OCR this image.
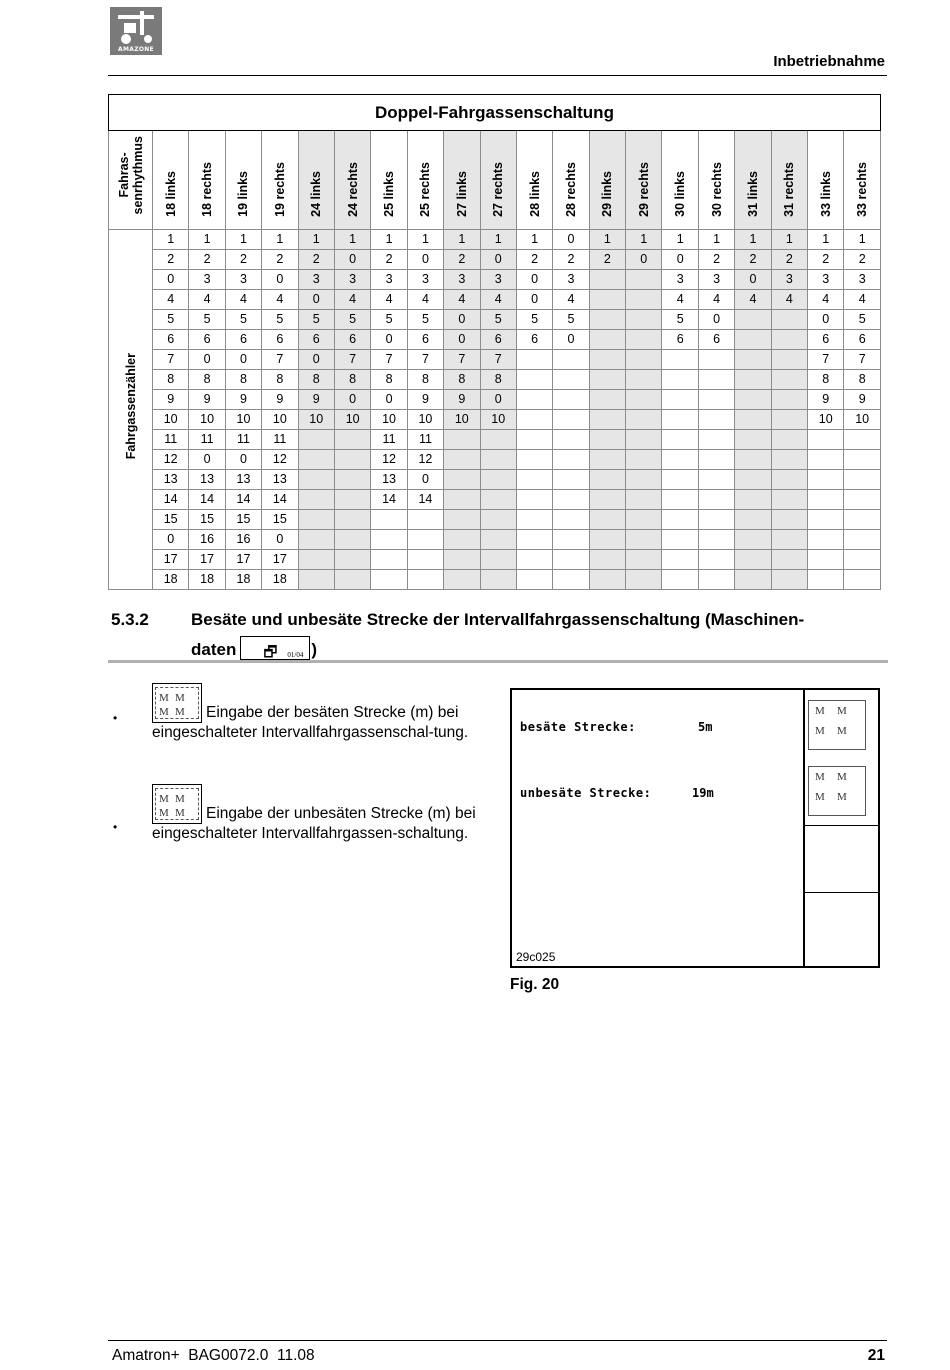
AMAZONE
Inbetriebnahme
Doppel-Fahrgassenschaltung																				
Fahras-
senrhythmus	18 links	18 rechts	19 links	19 rechts	24 links	24 rechts	25 links	25 rechts	27 links	27 rechts	28 links	28 rechts	29 links	29 rechts	30 links	30 rechts	31 links	31 rechts	33 links	33 rechts
Fahrgassenzähler	1	1	1	1	1	1	1	1	1	1	1	0	1	1	1	1	1	1	1	1
	2	2	2	2	2	0	2	0	2	0	2	2	2	0	0	2	2	2	2	2
	0	3	3	0	3	3	3	3	3	3	0	3			3	3	0	3	3	3
	4	4	4	4	0	4	4	4	4	4	0	4			4	4	4	4	4	4
	5	5	5	5	5	5	5	5	0	5	5	5			5	0			0	5
	6	6	6	6	6	6	0	6	0	6	6	0			6	6			6	6
	7	0	0	7	0	7	7	7	7	7									7	7
	8	8	8	8	8	8	8	8	8	8									8	8
	9	9	9	9	9	0	0	9	9	0									9	9
	10	10	10	10	10	10	10	10	10	10									10	10
	11	11	11	11			11	11												
	12	0	0	12			12	12												
	13	13	13	13			13	0												
	14	14	14	14			14	14												
	15	15	15	15																
	0	16	16	0																
	17	17	17	17																
	18	18	18	18																
5.3.2 Besäte und unbesäte Strecke der Intervallfahrgassenschaltung (Maschinen-
daten 🗗 01/04 )
•
M M
M M Eingabe der besäten Strecke (m) bei eingeschalteter Intervallfahrgassenschal-tung.
•
M M
M M Eingabe der unbesäten Strecke (m) bei eingeschalteter Intervallfahrgassen-schaltung.
besäte Strecke:	5m
unbesäte Strecke:	19m
M M
M M
M M
M M
29c025
Fig. 20
Amatron+  BAG0072.0  11.08	21
